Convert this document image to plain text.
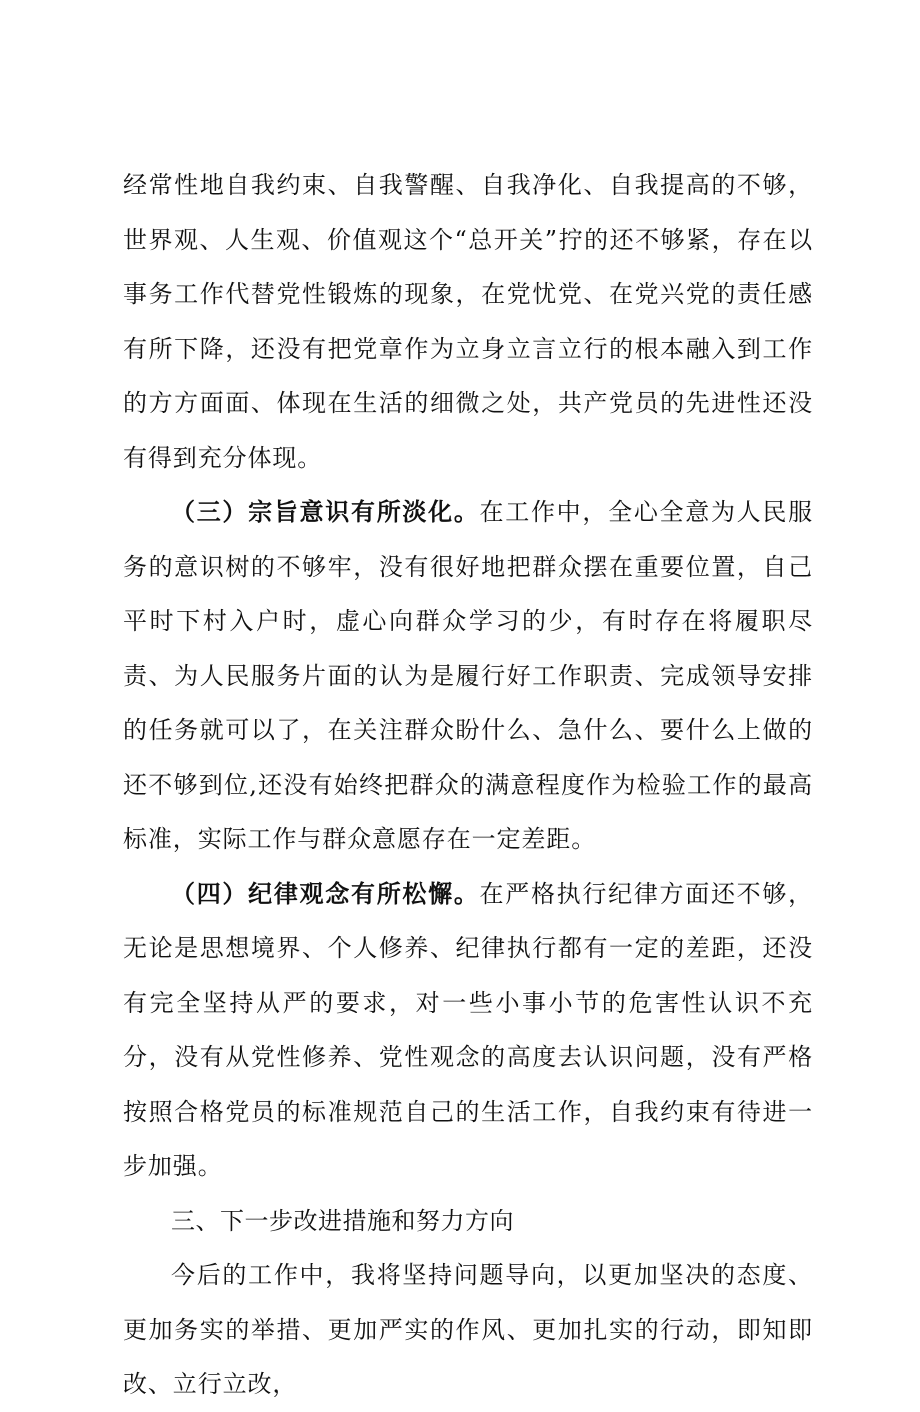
经常性地自我约束、自我警醒、自我净化、自我提高的不够，世界观、人生观、价值观这个“总开关”拧的还不够紧，存在以事务工作代替党性锻炼的现象，在党忧党、在党兴党的责任感有所下降，还没有把党章作为立身立言立行的根本融入到工作的方方面面、体现在生活的细微之处，共产党员的先进性还没有得到充分体现。

（三）宗旨意识有所淡化。在工作中，全心全意为人民服务的意识树的不够牢，没有很好地把群众摆在重要位置，自己平时下村入户时，虚心向群众学习的少，有时存在将履职尽责、为人民服务片面的认为是履行好工作职责、完成领导安排的任务就可以了，在关注群众盼什么、急什么、要什么上做的还不够到位,还没有始终把群众的满意程度作为检验工作的最高标准，实际工作与群众意愿存在一定差距。

（四）纪律观念有所松懈。在严格执行纪律方面还不够，无论是思想境界、个人修养、纪律执行都有一定的差距，还没有完全坚持从严的要求，对一些小事小节的危害性认识不充分，没有从党性修养、党性观念的高度去认识问题，没有严格按照合格党员的标准规范自己的生活工作，自我约束有待进一步加强。

三、下一步改进措施和努力方向

今后的工作中，我将坚持问题导向，以更加坚决的态度、更加务实的举措、更加严实的作风、更加扎实的行动，即知即改、立行立改，
